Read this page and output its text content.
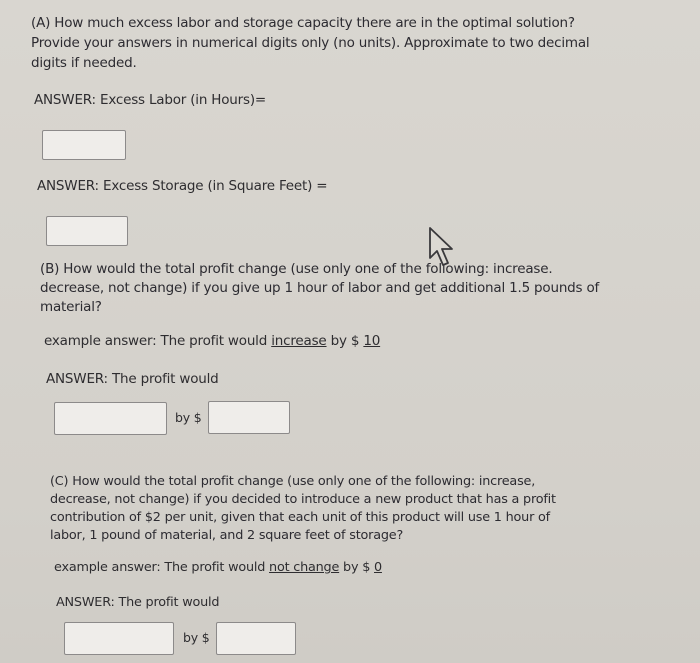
(A) How much excess labor and storage capacity there are in the optimal solution?
Provide your answers in numerical digits only (no units). Approximate to two decimal
digits if needed.
ANSWER: Excess Labor (in Hours)=
ANSWER: Excess Storage (in Square Feet) =
(B) How would the total profit change (use only one of the following: increase.
decrease, not change) if you give up 1 hour of labor and get additional 1.5 pounds of
material?
example answer: The profit would increase by $ 10
ANSWER: The profit would
by $
(C) How would the total profit change (use only one of the following: increase,
decrease, not change) if you decided to introduce a new product that has a profit
contribution of $2 per unit, given that each unit of this product will use 1 hour of
labor, 1 pound of material, and 2 square feet of storage?
example answer: The profit would not change by $ 0
ANSWER: The profit would
by $
